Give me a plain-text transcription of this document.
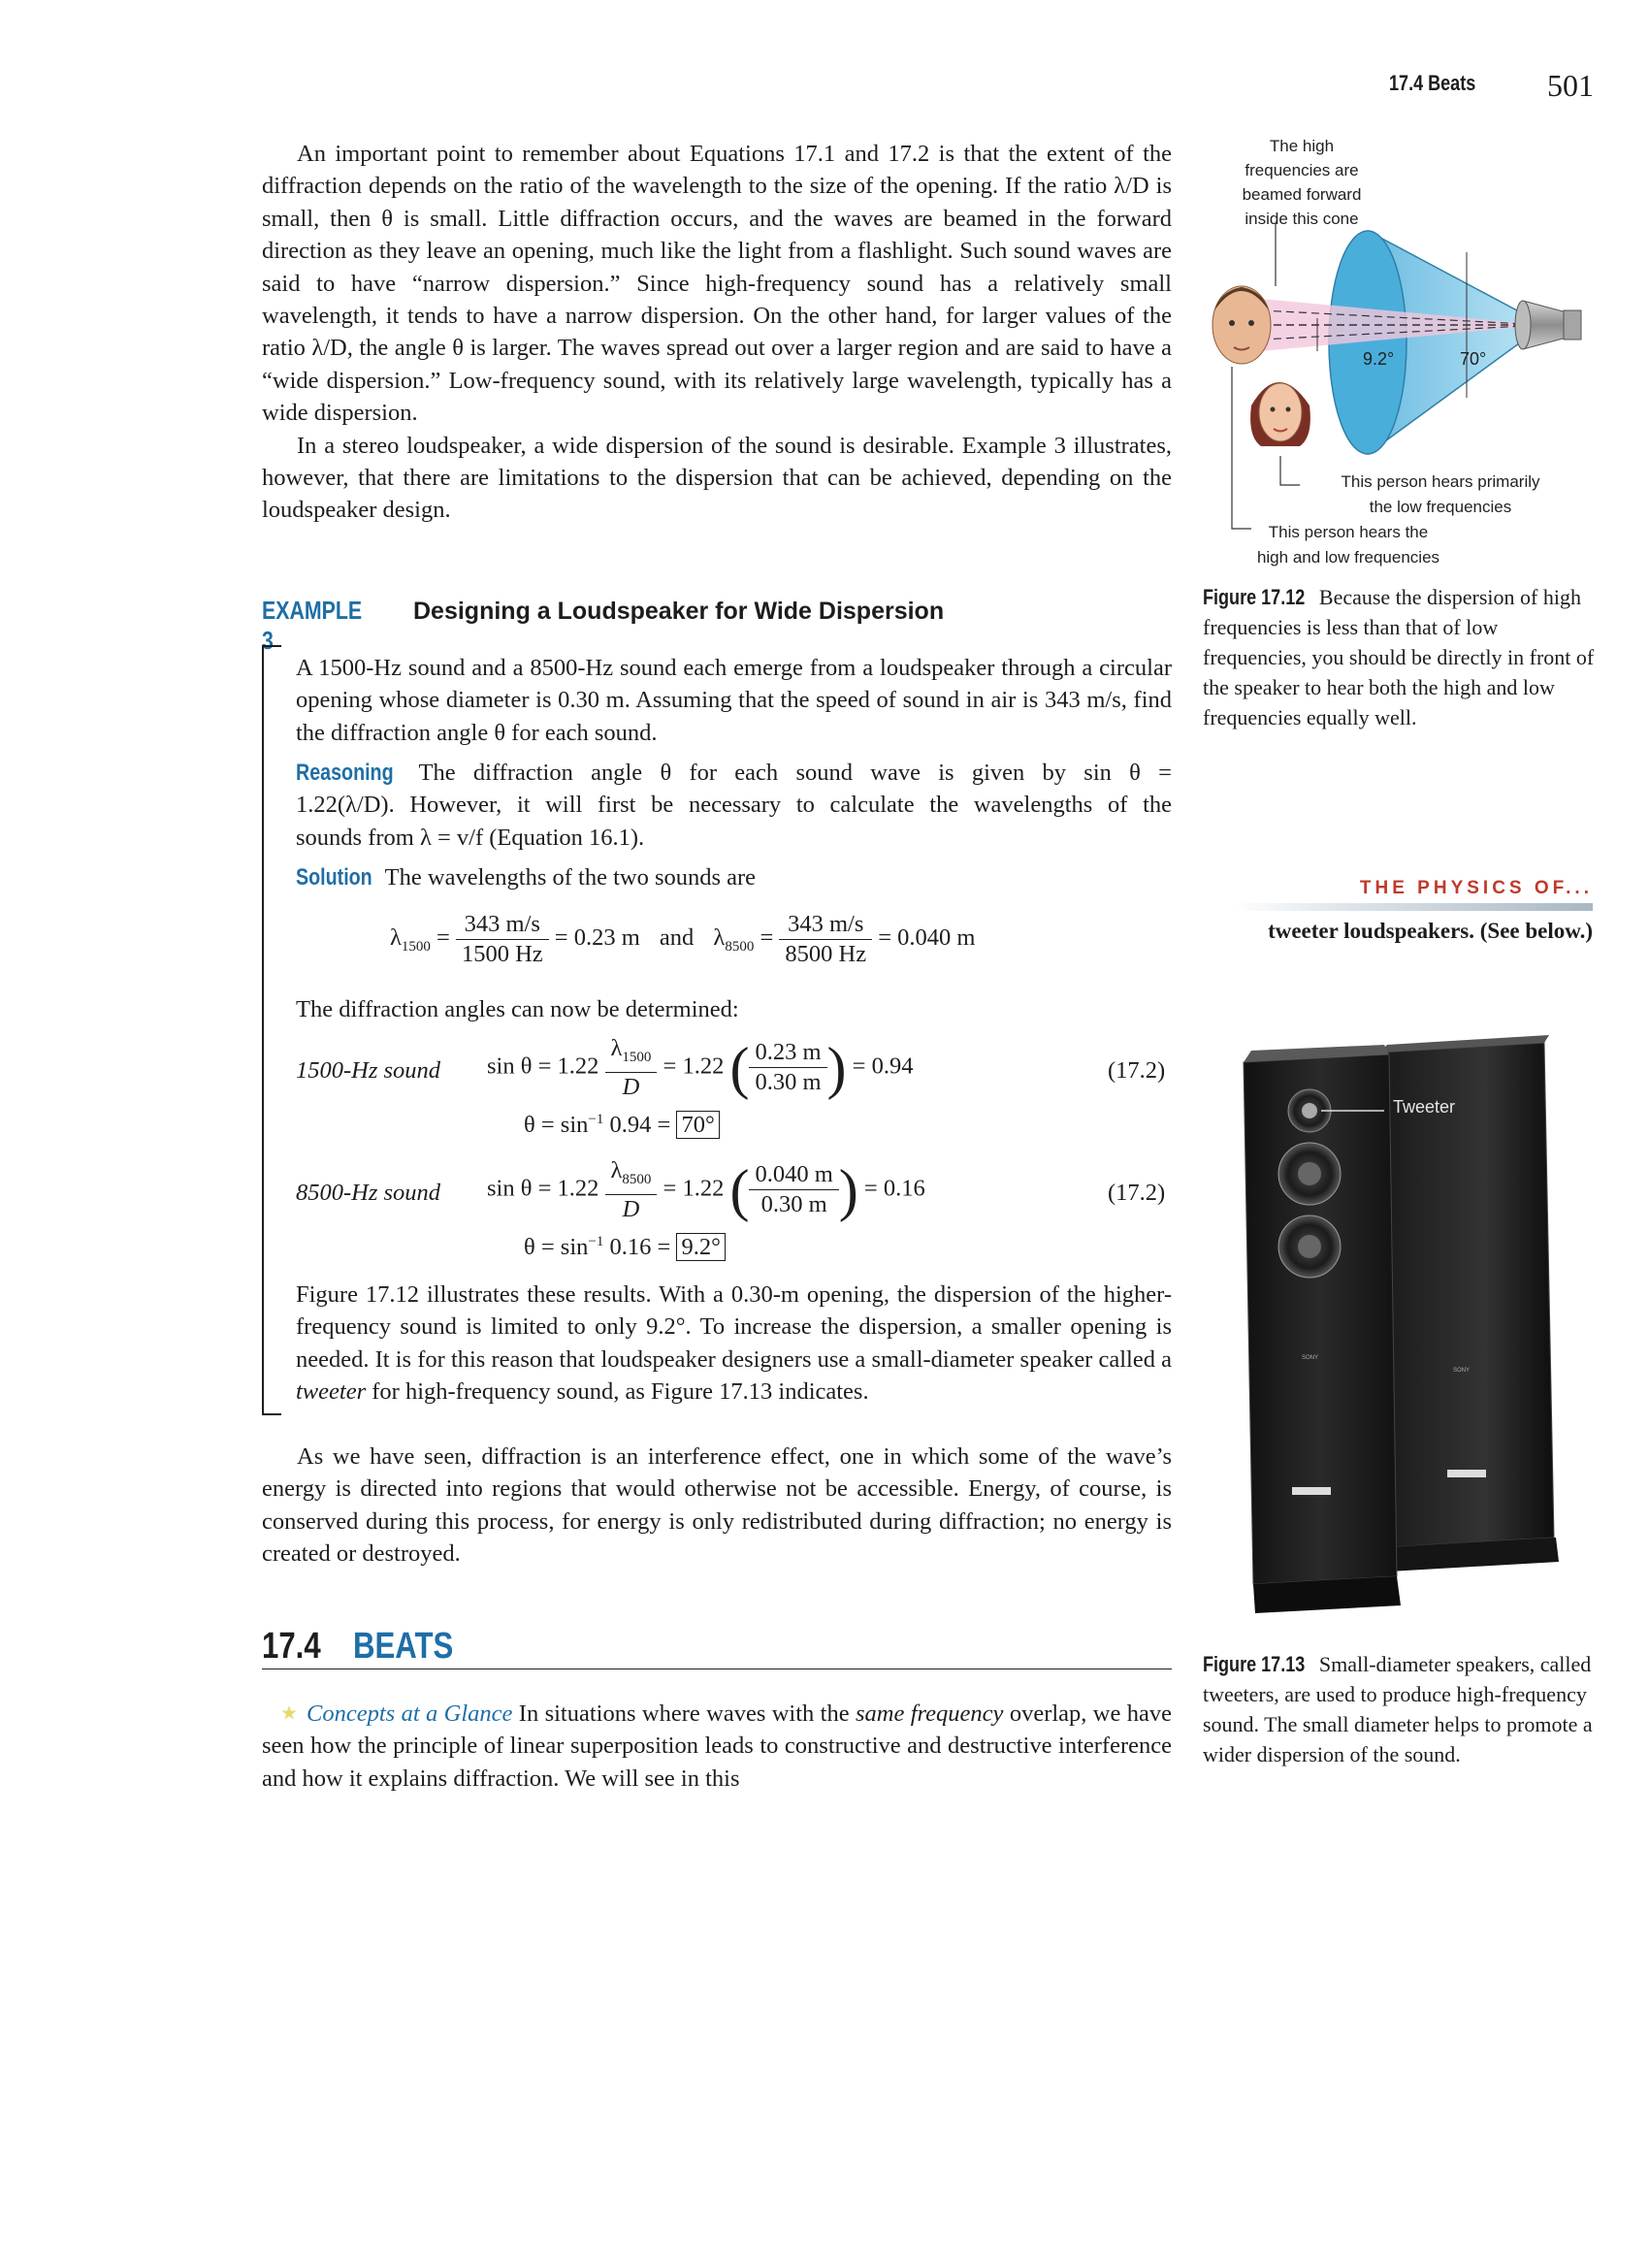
17.4 Beats	501

An important point to remember about Equations 17.1 and 17.2 is that the extent of the diffraction depends on the ratio of the wavelength to the size of the opening. If the ratio λ/D is small, then θ is small. Little diffraction occurs, and the waves are beamed in the forward direction as they leave an opening, much like the light from a flashlight. Such sound waves are said to have “narrow dispersion.” Since high-frequency sound has a relatively small wavelength, it tends to have a narrow dispersion. On the other hand, for larger values of the ratio λ/D, the angle θ is larger. The waves spread out over a larger region and are said to have a “wide dispersion.” Low-frequency sound, with its relatively large wavelength, typically has a wide dispersion.

In a stereo loudspeaker, a wide dispersion of the sound is desirable. Example 3 illustrates, however, that there are limitations to the dispersion that can be achieved, depending on the loudspeaker design.

EXAMPLE 3
Designing a Loudspeaker for Wide Dispersion
A 1500-Hz sound and a 8500-Hz sound each emerge from a loudspeaker through a circular opening whose diameter is 0.30 m. Assuming that the speed of sound in air is 343 m/s, find the diffraction angle θ for each sound.

Reasoning The diffraction angle θ for each sound wave is given by sin θ =

1.22(λ/D). However, it will first be necessary to calculate the wavelengths of the

sounds from λ = v/f (Equation 16.1).

Solution The wavelengths of the two sounds are
$\lambda_{1500} = \frac{343 m/s}{1500 Hz} = 0.23$ m and $\lambda_{8500} = \frac{343 m/s}{8500 Hz} = 0.040$ m
The diffraction angles can now be determined:
1500-Hz sound $\sin \theta = 1.22 \frac{\lambda_{1500}}{D} = 1.22$ ( $\frac{0.23 m}{0.30 m}$ ) = 0.94	(17.2)
$\theta = \sin^{-1} 0.94 = 70^\circ$
8500-Hz sound $\sin \theta = 1.22 \frac{\lambda_{8500}}{D} = 1.22$ ( $\frac{0.040 m}{0.30 m}$ ) = 0.16	(17.2)
$\theta = \sin^{-1} 0.16 = 9.2^\circ$
Figure 17.12 illustrates these results. With a 0.30-m opening, the dispersion of the higher-frequency sound is limited to only 9.2°. To increase the dispersion, a smaller opening is needed. It is for this reason that loudspeaker designers use a small-diameter speaker called a tweeter for high-frequency sound, as Figure 17.13 indicates.

As we have seen, diffraction is an interference effect, one in which some of the wave’s energy is directed into regions that would otherwise not be accessible. Energy, of course, is conserved during this process, for energy is only redistributed during diffraction; no energy is created or destroyed.

17.4 BEATS
Concepts at a Glance In situations where waves with the same frequency overlap, we have seen how the principle of linear superposition leads to constructive and destructive interference and how it explains diffraction. We will see in this
The high
frequencies are
beamed forward
inside this cone
9.2°	70°
This person hears primarily
the low frequencies
This person hears the
high and low frequencies
Figure 17.12 Because the dispersion of high frequencies is less than that of low frequencies, you should be directly in front of the speaker to hear both the high and low frequencies equally well.
THE PHYSICS OF...
tweeter loudspeakers. (See below.)
Tweeter
SONY
SONY
Figure 17.13 Small-diameter speakers, called tweeters, are used to produce high-frequency sound. The small diameter helps to promote a wider dispersion of the sound.
